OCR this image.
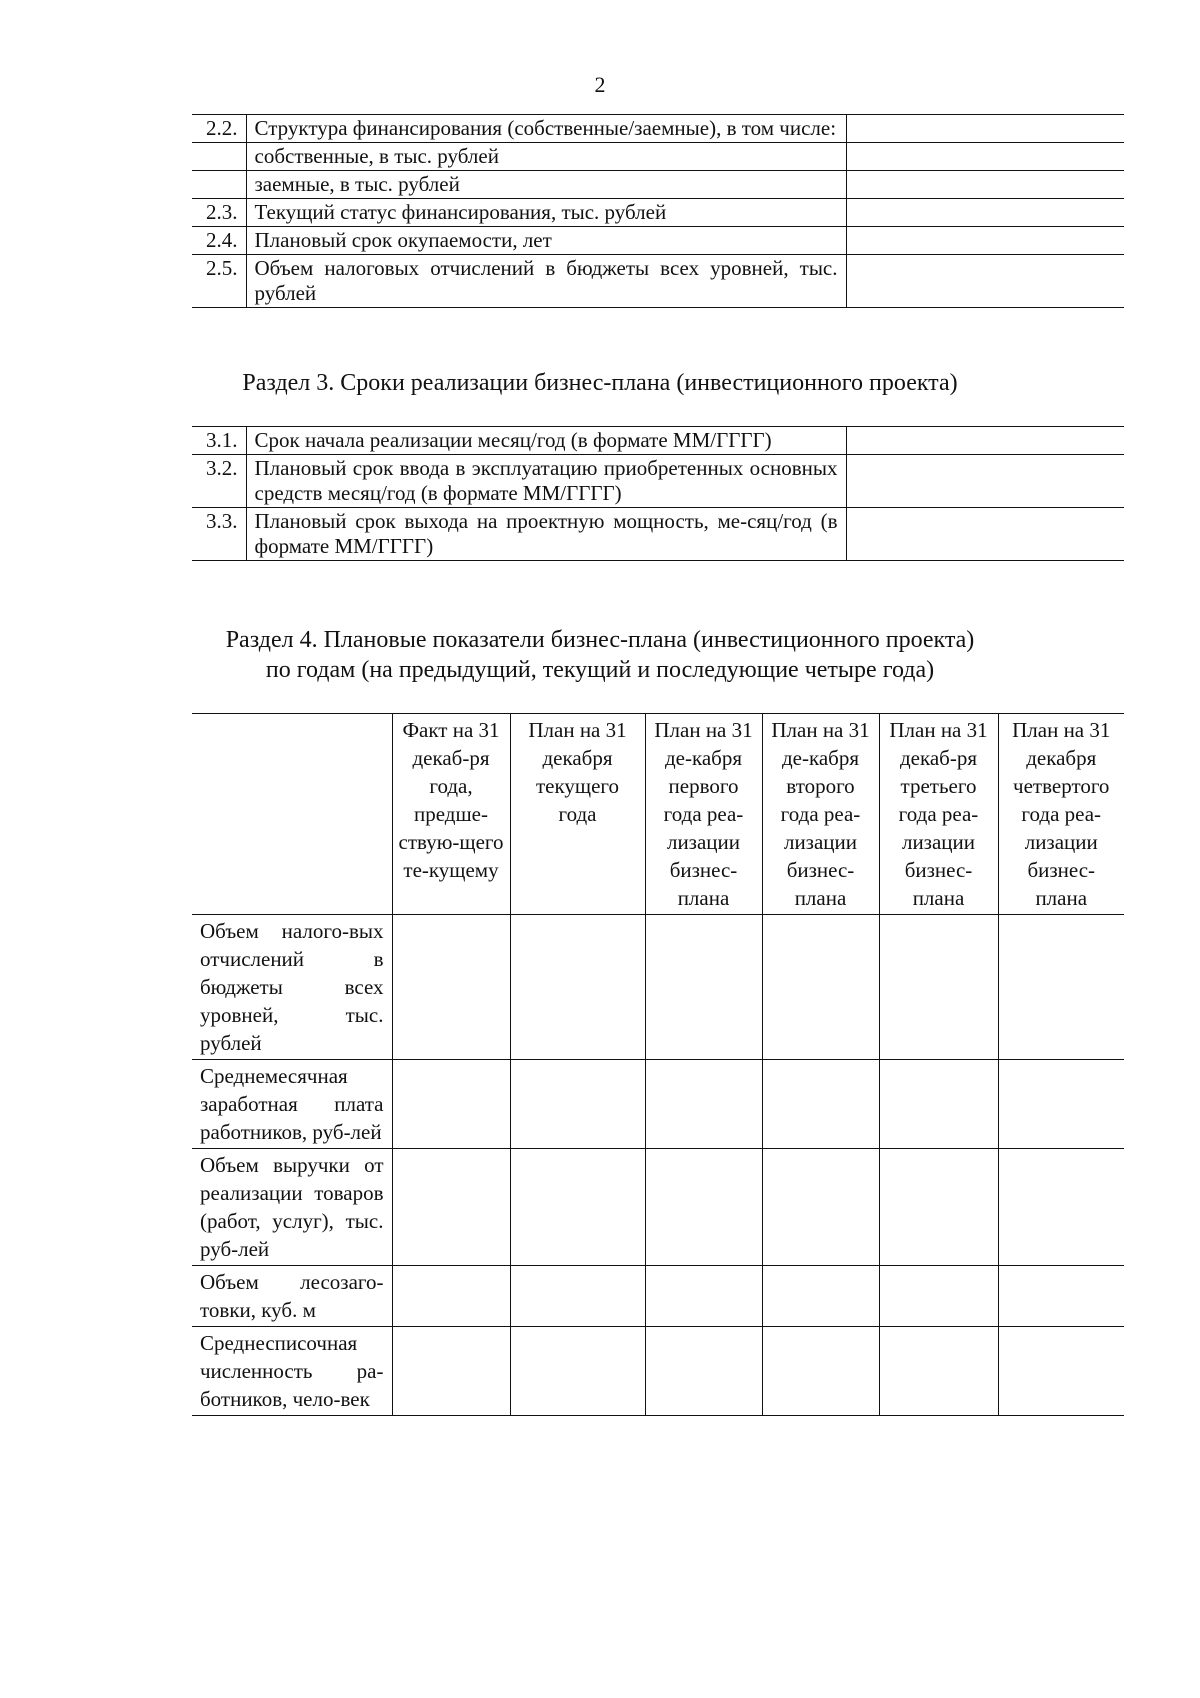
2
2.2.	Структура финансирования (собственные/заемные), в том числе:	
	собственные, в тыс. рублей	
	заемные, в тыс. рублей	
2.3.	Текущий статус финансирования, тыс. рублей	
2.4.	Плановый срок окупаемости, лет	
2.5.	Объем налоговых отчислений в бюджеты всех уровней, тыс. рублей	
Раздел 3. Сроки реализации бизнес-плана (инвестиционного проекта)
3.1.	Срок начала реализации месяц/год (в формате ММ/ГГГГ)	
3.2.	Плановый срок ввода в эксплуатацию приобретенных основных средств месяц/год (в формате ММ/ГГГГ)	
3.3.	Плановый срок выхода на проектную мощность, ме-сяц/год (в формате ММ/ГГГГ)	
Раздел 4. Плановые показатели бизнес-плана (инвестиционного проекта)
по годам (на предыдущий, текущий и последующие четыре года)
	Факт на 31 декаб-ря года, предше-ствую-щего те-кущему	План на 31 декабря текущего года	План на 31 де-кабря первого года реа-лизации бизнес-плана	План на 31 де-кабря второго года реа-лизации бизнес-плана	План на 31 декаб-ря третьего года реа-лизации бизнес-плана	План на 31 декабря четвертого года реа-лизации бизнес-плана
Объем налого-вых отчислений в бюджеты всех уровней, тыс. рублей						
Среднемесячная заработная плата работников, руб-лей						
Объем выручки от реализации товаров (работ, услуг), тыс. руб-лей						
Объем лесозаго-товки, куб. м						
Среднесписочная численность ра-ботников, чело-век						
